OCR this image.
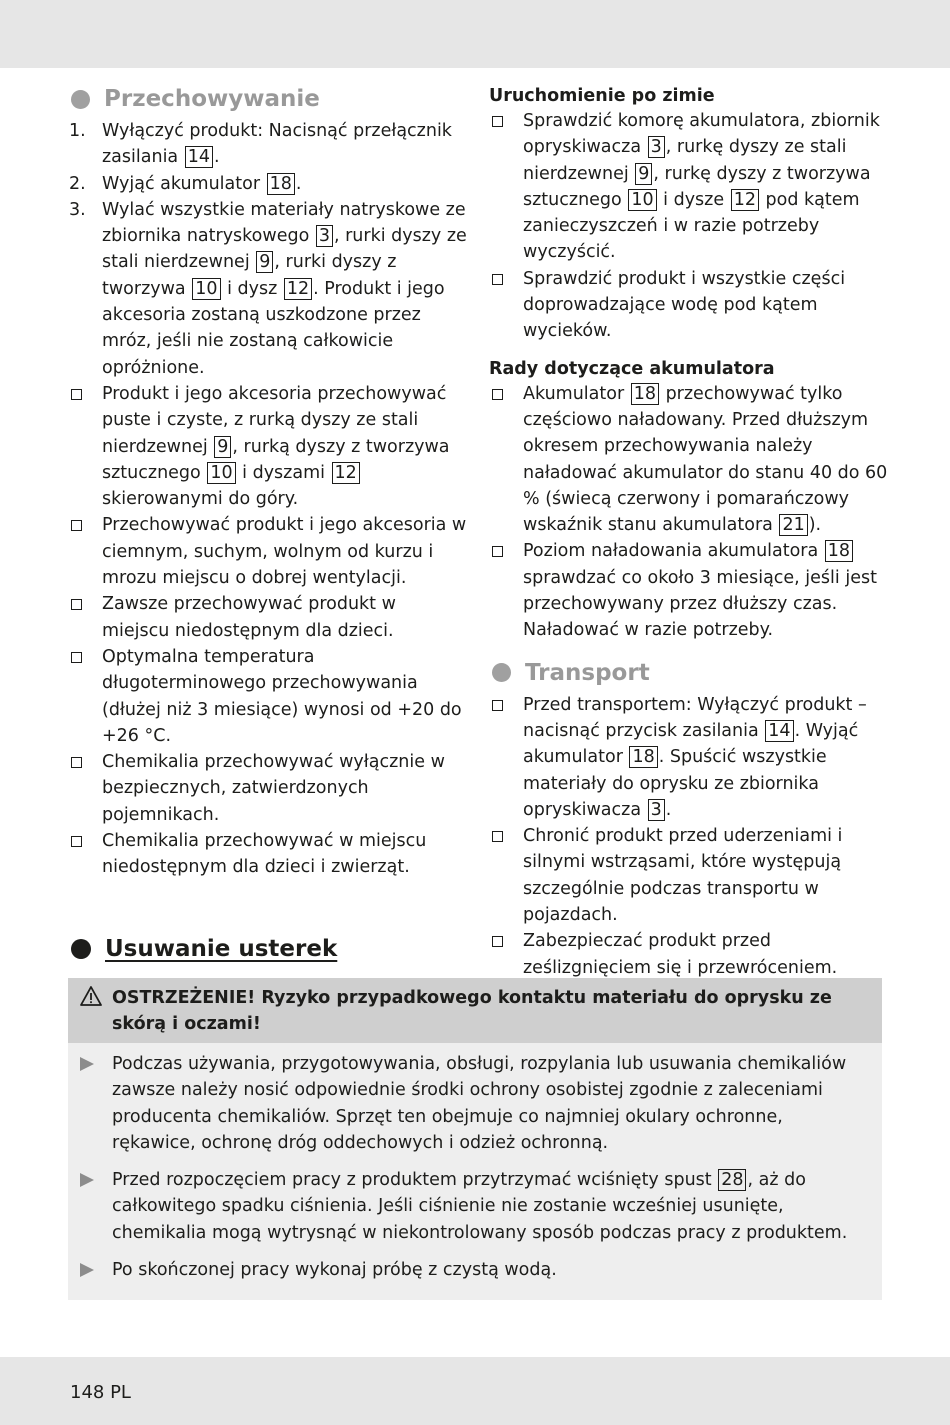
Przechowywanie
1. Wyłączyć produkt: Nacisnąć przełącznik zasilania 14 .
2. Wyjąć akumulator 18 .
3. Wylać wszystkie materiały natryskowe ze zbiornika natryskowego 3 , rurki dyszy ze stali nierdzewnej 9 , rurki dyszy z tworzywa 10 i dysz 12 . Produkt i jego akcesoria zostaną uszkodzone przez mróz, jeśli nie zostaną całkowicie opróżnione.
Produkt i jego akcesoria przechowywać puste i czyste, z rurką dyszy ze stali nierdzewnej 9 , rurką dyszy z tworzywa sztucznego 10 i dyszami 12 skierowanymi do góry.
Przechowywać produkt i jego akcesoria w ciemnym, suchym, wolnym od kurzu i mrozu miejscu o dobrej wentylacji.
Zawsze przechowywać produkt w miejscu niedostępnym dla dzieci.
Optymalna temperatura długoterminowego przechowywania (dłużej niż 3 miesiące) wynosi od +20 do +26 °C.
Chemikalia przechowywać wyłącznie w bezpiecznych, zatwierdzonych pojemnikach.
Chemikalia przechowywać w miejscu niedostępnym dla dzieci i zwierząt.
Uruchomienie po zimie
Sprawdzić komorę akumulatora, zbiornik opryskiwacza 3 , rurkę dyszy ze stali nierdzewnej 9 , rurkę dyszy z tworzywa sztucznego 10 i dysze 12 pod kątem zanieczyszczeń i w razie potrzeby wyczyścić.
Sprawdzić produkt i wszystkie części doprowadzające wodę pod kątem wycieków.
Rady dotyczące akumulatora
Akumulator 18 przechowywać tylko częściowo naładowany. Przed dłuższym okresem przechowywania należy naładować akumulator do stanu 40 do 60 % (świecą czerwony i pomarańczowy wskaźnik stanu akumulatora 21 ).
Poziom naładowania akumulatora 18 sprawdzać co około 3 miesiące, jeśli jest przechowywany przez dłuższy czas. Naładować w razie potrzeby.
Transport
Przed transportem: Wyłączyć produkt – nacisnąć przycisk zasilania 14 . Wyjąć akumulator 18 . Spuścić wszystkie materiały do oprysku ze zbiornika opryskiwacza 3 .
Chronić produkt przed uderzeniami i silnymi wstrząsami, które występują szczególnie podczas transportu w pojazdach.
Zabezpieczać produkt przed ześlizgnięciem się i przewróceniem.
Usuwanie usterek
OSTRZEŻENIE! Ryzyko przypadkowego kontaktu materiału do oprysku ze skórą i oczami!
Podczas używania, przygotowywania, obsługi, rozpylania lub usuwania chemikaliów zawsze należy nosić odpowiednie środki ochrony osobistej zgodnie z zaleceniami producenta chemikaliów. Sprzęt ten obejmuje co najmniej okulary ochronne, rękawice, ochronę dróg oddechowych i odzież ochronną.
Przed rozpoczęciem pracy z produktem przytrzymać wciśnięty spust 28 , aż do całkowitego spadku ciśnienia. Jeśli ciśnienie nie zostanie wcześniej usunięte, chemikalia mogą wytrysnąć w niekontrolowany sposób podczas pracy z produktem.
Po skończonej pracy wykonaj próbę z czystą wodą.
148 PL
